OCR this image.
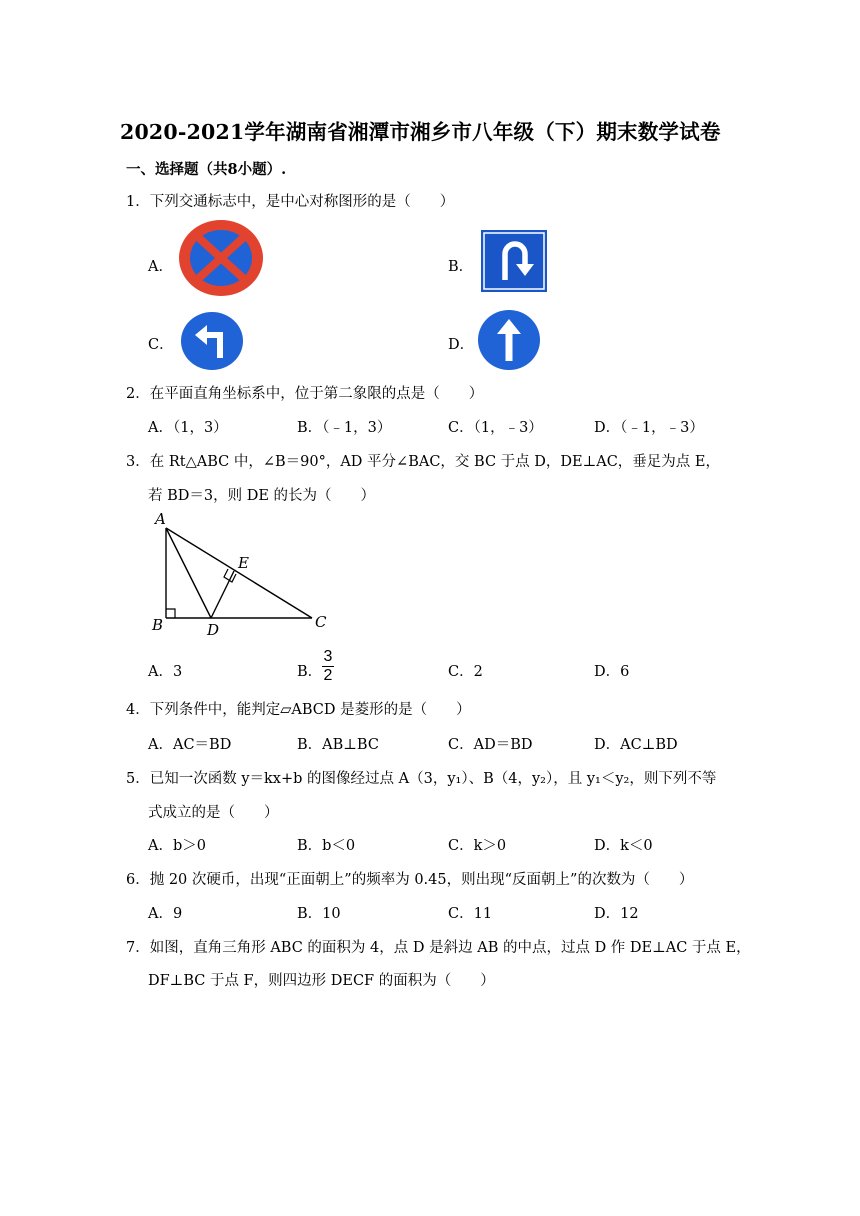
2020-2021学年湖南省湘潭市湘乡市八年级（下）期末数学试卷
一、选择题（共8小题）.
1．下列交通标志中，是中心对称图形的是（　　）
A．	B．
C．	D．
2．在平面直角坐标系中，位于第二象限的点是（　　）
A．（1，3）	B．（﹣1，3）	C．（1，﹣3）	D．（﹣1，﹣3）
3．在 Rt△ABC 中，∠B＝90°，AD 平分∠BAC，交 BC 于点 D，DE⊥AC，垂足为点 E，
若 BD＝3，则 DE 的长为（　　）
A
B	C
D
E
A．3	B．
3
2	C．2	D．6
4．下列条件中，能判定▱ABCD 是菱形的是（　　）
A．AC＝BD	B．AB⊥BC	C．AD＝BD	D．AC⊥BD
5．已知一次函数 y＝kx+b 的图像经过点 A（3，y₁）、B（4，y₂），且 y₁＜y₂，则下列不等
式成立的是（　　）
A．b＞0	B．b＜0	C．k＞0	D．k＜0
6．抛 20 次硬币，出现“正面朝上”的频率为 0.45，则出现“反面朝上”的次数为（　　）
A．9	B．10	C．11	D．12
7．如图，直角三角形 ABC 的面积为 4，点 D 是斜边 AB 的中点，过点 D 作 DE⊥AC 于点 E，
DF⊥BC 于点 F，则四边形 DECF 的面积为（　　）
